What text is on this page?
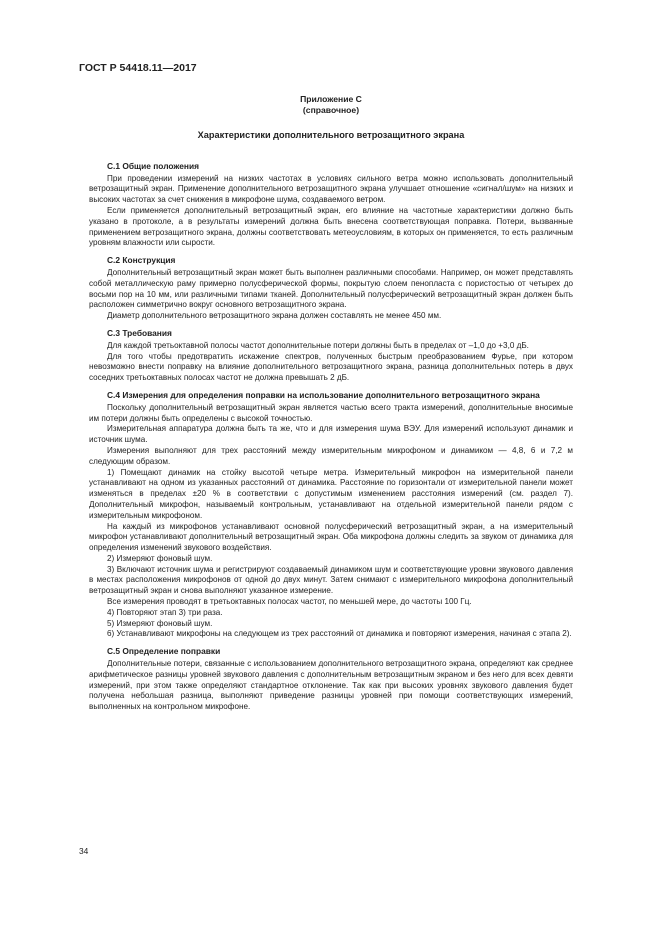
ГОСТ Р 54418.11—2017
Приложение С
(справочное)
Характеристики дополнительного ветрозащитного экрана
С.1 Общие положения

При проведении измерений на низких частотах в условиях сильного ветра можно использовать дополнительный ветрозащитный экран. Применение дополнительного ветрозащитного экрана улучшает отношение «сигнал/шум» на низких и высоких частотах за счет снижения в микрофоне шума, создаваемого ветром.

Если применяется дополнительный ветрозащитный экран, его влияние на частотные характеристики должно быть указано в протоколе, а в результаты измерений должна быть внесена соответствующая поправка. Потери, вызванные применением ветрозащитного экрана, должны соответствовать метеоусловиям, в которых он применяется, то есть различным уровням влажности или сырости.

С.2 Конструкция

Дополнительный ветрозащитный экран может быть выполнен различными способами. Например, он может представлять собой металлическую раму примерно полусферической формы, покрытую слоем пенопласта с пористостью от четырех до восьми пор на 10 мм, или различными типами тканей. Дополнительный полусферический ветрозащитный экран должен быть расположен симметрично вокруг основного ветрозащитного экрана.

Диаметр дополнительного ветрозащитного экрана должен составлять не менее 450 мм.

С.3 Требования

Для каждой третьоктавной полосы частот дополнительные потери должны быть в пределах от –1,0 до +3,0 дБ.

Для того чтобы предотвратить искажение спектров, полученных быстрым преобразованием Фурье, при котором невозможно внести поправку на влияние дополнительного ветрозащитного экрана, разница дополнительных потерь в двух соседних третьоктавных полосах частот не должна превышать 2 дБ.

С.4 Измерения для определения поправки на использование дополнительного ветрозащитного экрана

Поскольку дополнительный ветрозащитный экран является частью всего тракта измерений, дополнительные вносимые им потери должны быть определены с высокой точностью.

Измерительная аппаратура должна быть та же, что и для измерения шума ВЭУ. Для измерений используют динамик и источник шума.

Измерения выполняют для трех расстояний между измерительным микрофоном и динамиком — 4,8, 6 и 7,2 м следующим образом.

1) Помещают динамик на стойку высотой четыре метра. Измерительный микрофон на измерительной панели устанавливают на одном из указанных расстояний от динамика. Расстояние по горизонтали от измерительной панели может изменяться в пределах ±20 % в соответствии с допустимым изменением расстояния измерений (см. раздел 7). Дополнительный микрофон, называемый контрольным, устанавливают на отдельной измерительной панели рядом с измерительным микрофоном.

На каждый из микрофонов устанавливают основной полусферический ветрозащитный экран, а на измерительный микрофон устанавливают дополнительный ветрозащитный экран. Оба микрофона должны следить за звуком от динамика для определения изменений звукового воздействия.

2) Измеряют фоновый шум.

3) Включают источник шума и регистрируют создаваемый динамиком шум и соответствующие уровни звукового давления в местах расположения микрофонов от одной до двух минут. Затем снимают с измерительного микрофона дополнительный ветрозащитный экран и снова выполняют указанное измерение.

Все измерения проводят в третьоктавных полосах частот, по меньшей мере, до частоты 100 Гц.

4) Повторяют этап 3) три раза.

5) Измеряют фоновый шум.

6) Устанавливают микрофоны на следующем из трех расстояний от динамика и повторяют измерения, начиная с этапа 2).

С.5 Определение поправки

Дополнительные потери, связанные с использованием дополнительного ветрозащитного экрана, определяют как среднее арифметическое разницы уровней звукового давления с дополнительным ветрозащитным экраном и без него для всех девяти измерений, при этом также определяют стандартное отклонение. Так как при высоких уровнях звукового давления будет получена небольшая разница, выполняют приведение разницы уровней при помощи соответствующих измерений, выполненных на контрольном микрофоне.

34
